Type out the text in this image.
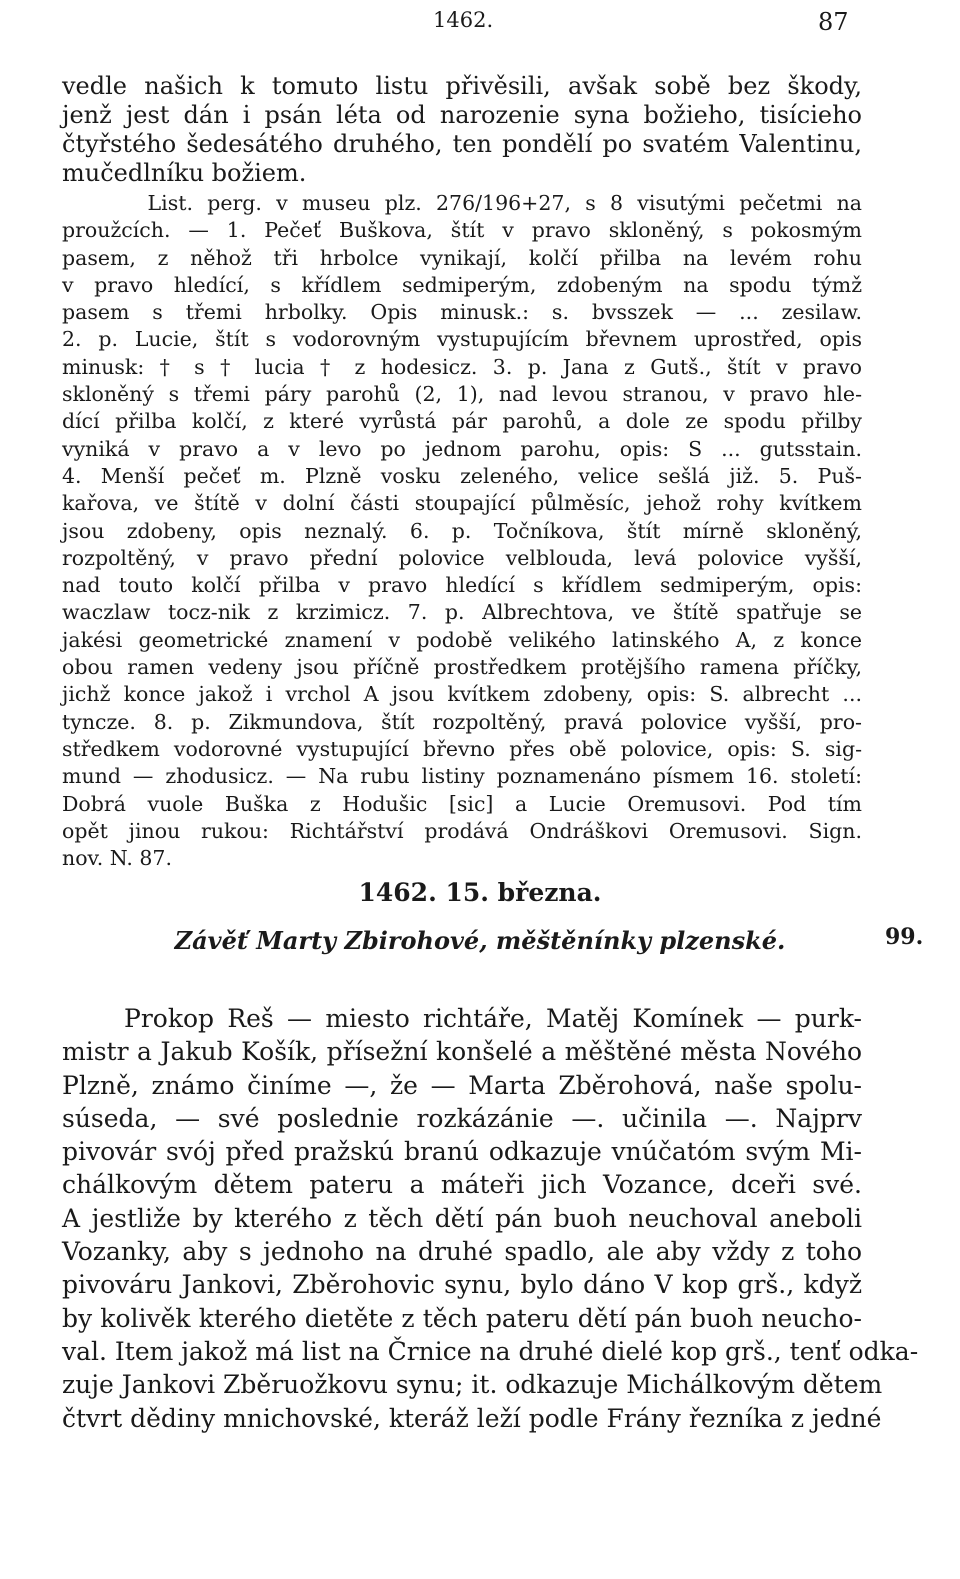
1462.	87
vedle našich k tomuto listu přivěsili, avšak sobě bez škody,
jenž jest dán i psán léta od narozenie syna božieho, tisícieho
čtyřstého šedesátého druhého, ten pondělí po svatém Valentinu,
mučedlníku božiem.
List. perg. v museu plz. 276/196+27, s 8 visutými pečetmi na
proužcích. — 1. Pečeť Buškova, štít v pravo skloněný, s pokosmým
pasem, z něhož tři hrbolce vynikají, kolčí přilba na levém rohu
v pravo hledící, s křídlem sedmiperým, zdobeným na spodu týmž
pasem s třemi hrbolky. Opis minusk.: s. bvsszek — ... zesilaw.
2. p. Lucie, štít s vodorovným vystupujícím břevnem uprostřed, opis
minusk: † s † lucia † z hodesicz. 3. p. Jana z Gutš., štít v pravo
skloněný s třemi páry parohů (2, 1), nad levou stranou, v pravo hle-
dící přilba kolčí, z které vyrůstá pár parohů, a dole ze spodu přilby
vyniká v pravo a v levo po jednom parohu, opis: S ... gutsstain.
4. Menší pečeť m. Plzně vosku zeleného, velice sešlá již. 5. Puš-
kařova, ve štítě v dolní části stoupající půlměsíc, jehož rohy kvítkem
jsou zdobeny, opis neznalý. 6. p. Točníkova, štít mírně skloněný,
rozpoltěný, v pravo přední polovice velblouda, levá polovice vyšší,
nad touto kolčí přilba v pravo hledící s křídlem sedmiperým, opis:
waczlaw tocz-nik z krzimicz. 7. p. Albrechtova, ve štítě spatřuje se
jakési geometrické znamení v podobě velikého latinského A, z konce
obou ramen vedeny jsou příčně prostředkem protějšího ramena příčky,
jichž konce jakož i vrchol A jsou kvítkem zdobeny, opis: S. albrecht ...
tyncze. 8. p. Zikmundova, štít rozpoltěný, pravá polovice vyšší, pro-
středkem vodorovné vystupující břevno přes obě polovice, opis: S. sig-
mund — zhodusicz. — Na rubu listiny poznamenáno písmem 16. století:
Dobrá vuole Buška z Hodušic [sic] a Lucie Oremusovi. Pod tím
opět jinou rukou: Richtářství prodává Ondráškovi Oremusovi. Sign.
nov. N. 87.
1462. 15. března.
Závěť Marty Zbirohové, měštěnínky plzenské.	99.
Prokop Reš — miesto richtáře, Matěj Komínek — purk-
mistr a Jakub Košík, přísežní konšelé a měštěné města Nového
Plzně, známo činíme —, že — Marta Zběrohová, naše spolu-
súseda, — své poslednie rozkázánie —. učinila —. Najprv
pivovár svój před pražskú branú odkazuje vnúčatóm svým Mi-
chálkovým dětem pateru a máteři jich Vozance, dceři své.
A jestliže by kterého z těch dětí pán buoh neuchoval aneboli
Vozanky, aby s jednoho na druhé spadlo, ale aby vždy z toho
pivováru Jankovi, Zběrohovic synu, bylo dáno V kop grš., když
by kolivěk kterého dietěte z těch pateru dětí pán buoh neucho-
val. Item jakož má list na Črnice na druhé dielé kop grš., tenť odka-
zuje Jankovi Zběruožkovu synu; it. odkazuje Michálkovým dětem
čtvrt dědiny mnichovské, kteráž leží podle Frány řezníka z jedné
